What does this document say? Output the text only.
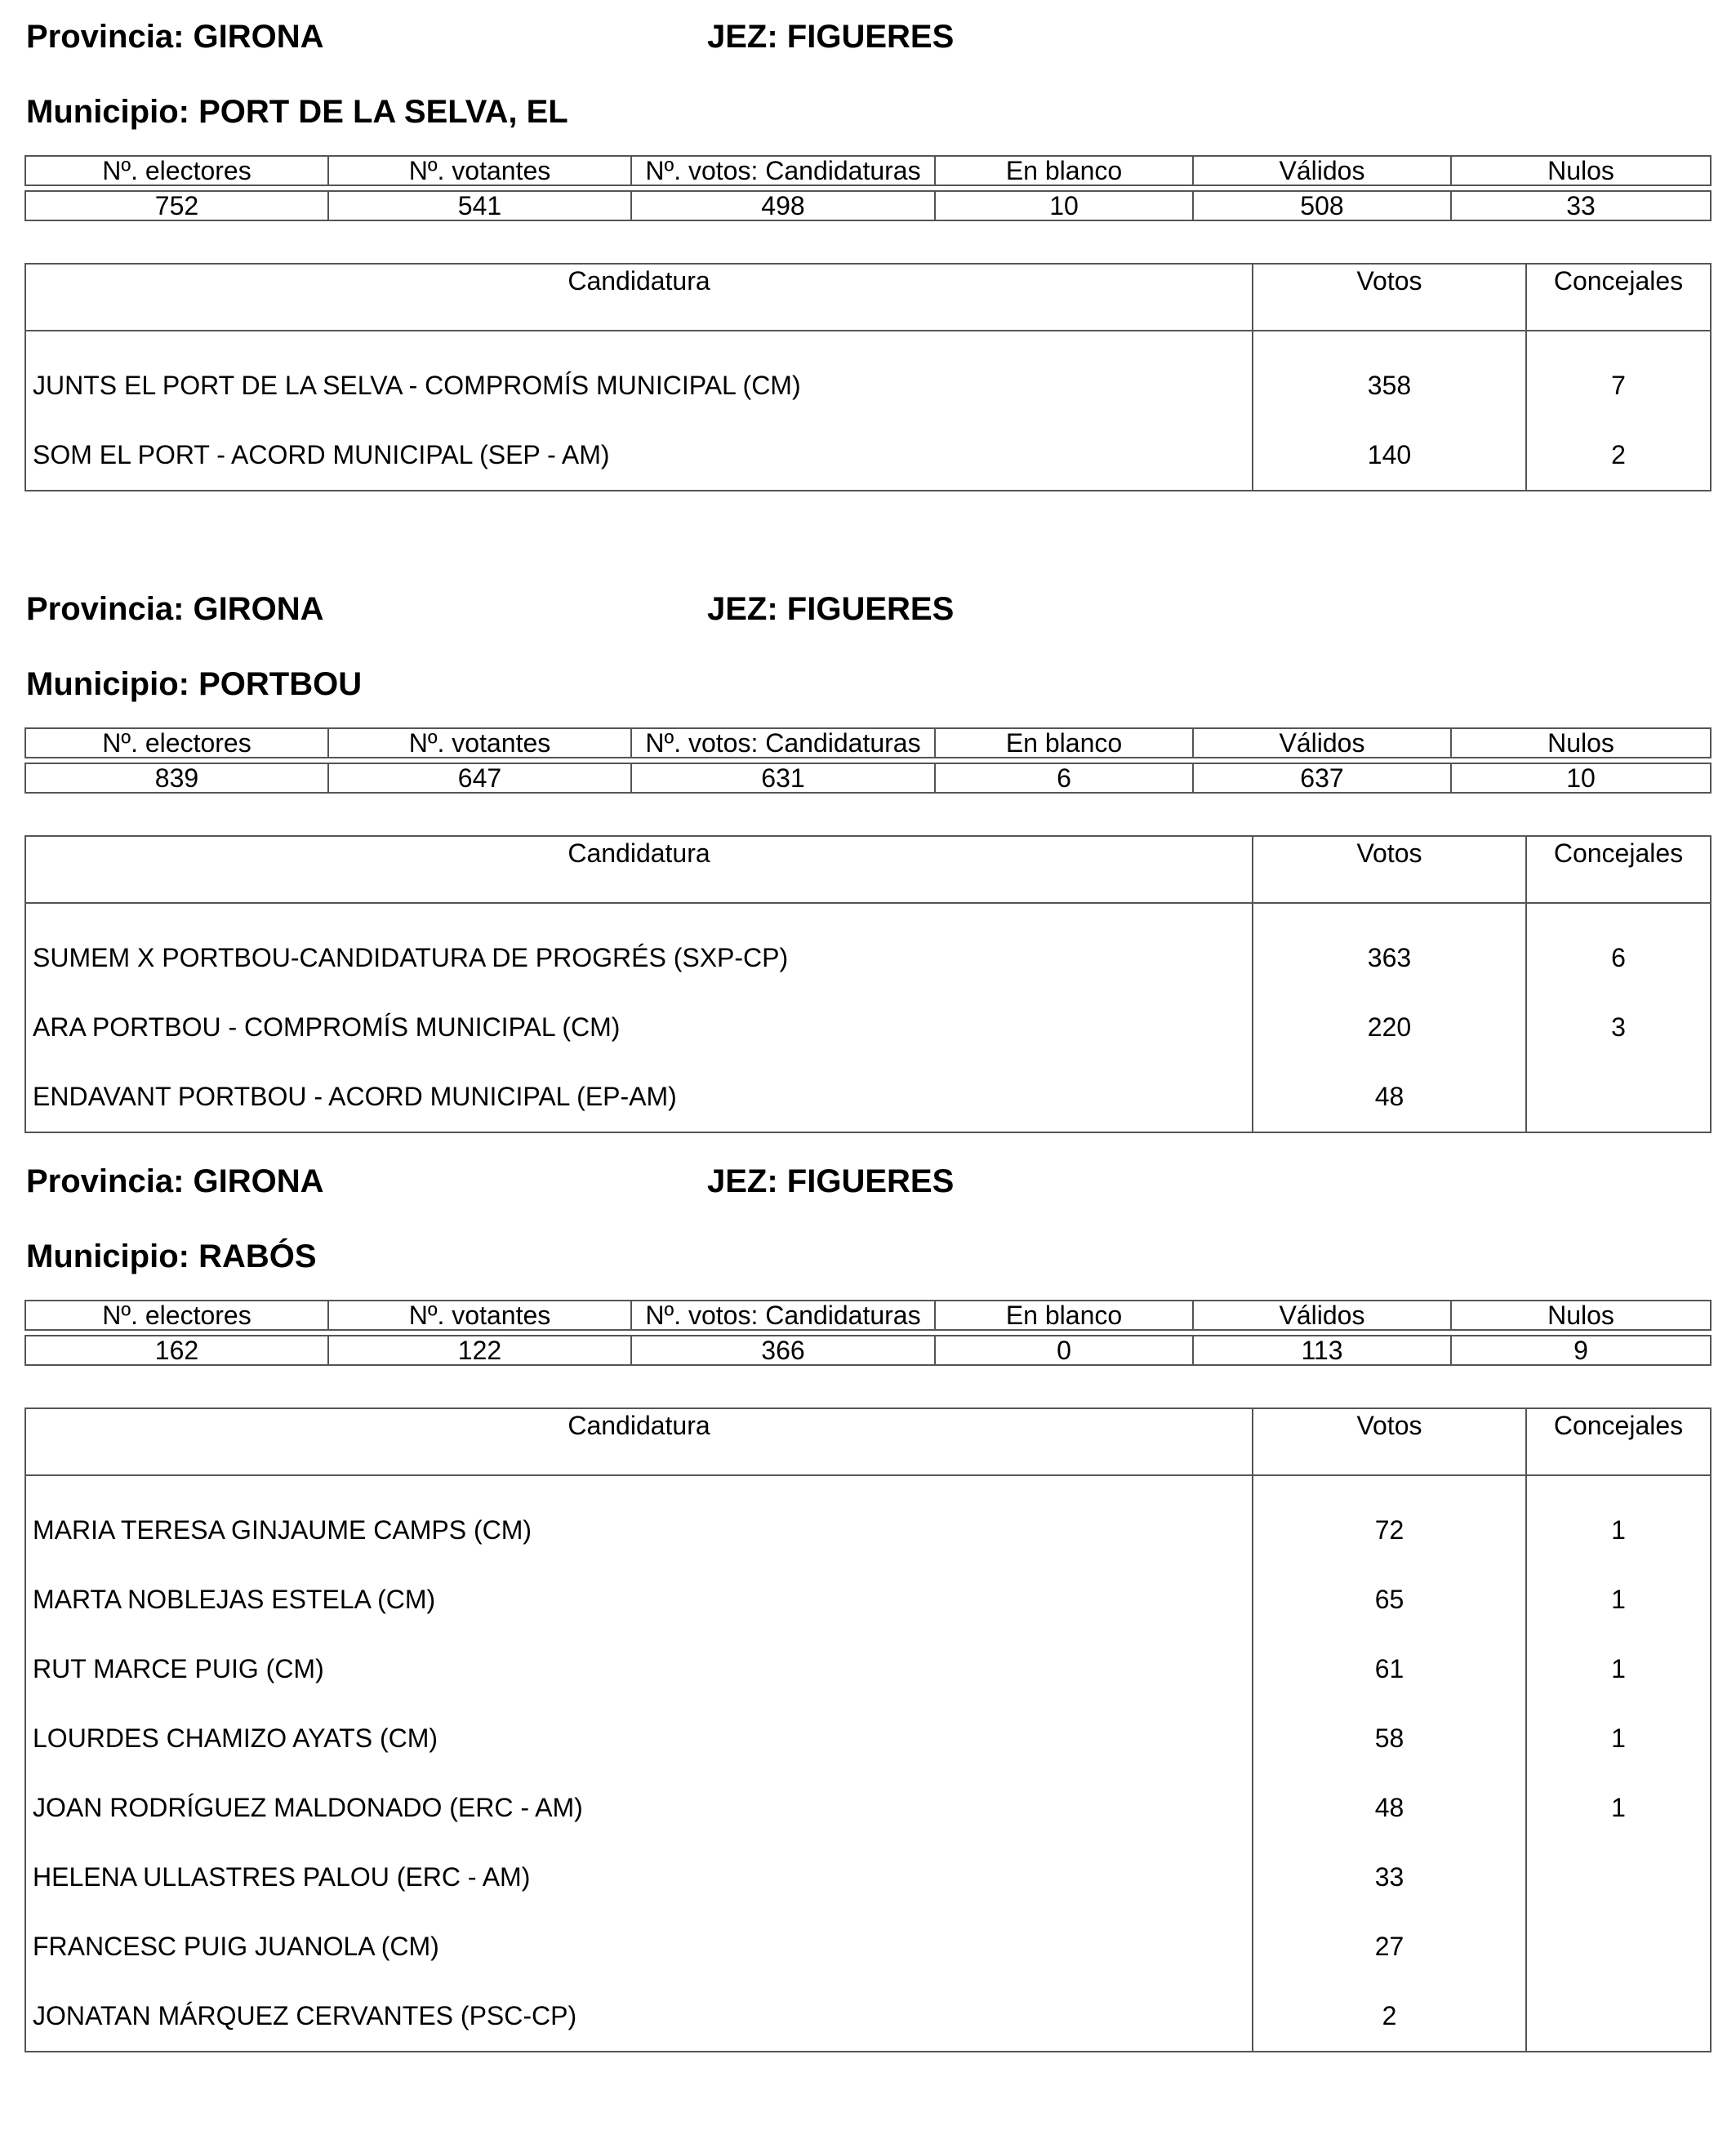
Provincia: GIRONA	JEZ: FIGUERES
Municipio: PORT DE LA SELVA, EL
Nº. electores	Nº. votantes	Nº. votos: Candidaturas	En blanco	Válidos	Nulos
752	541	498	10	508	33
Candidatura	Votos	Concejales

JUNTS EL PORT DE LA SELVA - COMPROMÍS MUNICIPAL (CM)	358	7
SOM EL PORT - ACORD MUNICIPAL (SEP - AM)	140	2
Provincia: GIRONA	JEZ: FIGUERES
Municipio: PORTBOU
Nº. electores	Nº. votantes	Nº. votos: Candidaturas	En blanco	Válidos	Nulos
839	647	631	6	637	10
Candidatura	Votos	Concejales

SUMEM X PORTBOU-CANDIDATURA DE PROGRÉS (SXP-CP)	363	6
ARA PORTBOU - COMPROMÍS MUNICIPAL (CM)	220	3
ENDAVANT PORTBOU - ACORD MUNICIPAL (EP-AM)	48	
Provincia: GIRONA	JEZ: FIGUERES
Municipio: RABÓS
Nº. electores	Nº. votantes	Nº. votos: Candidaturas	En blanco	Válidos	Nulos
162	122	366	0	113	9
Candidatura	Votos	Concejales

MARIA TERESA GINJAUME CAMPS (CM)	72	1
MARTA NOBLEJAS ESTELA (CM)	65	1
RUT MARCE PUIG (CM)	61	1
LOURDES CHAMIZO AYATS (CM)	58	1
JOAN RODRÍGUEZ MALDONADO (ERC - AM)	48	1
HELENA ULLASTRES PALOU (ERC - AM)	33	
FRANCESC PUIG JUANOLA (CM)	27	
JONATAN MÁRQUEZ CERVANTES (PSC-CP)	2	
